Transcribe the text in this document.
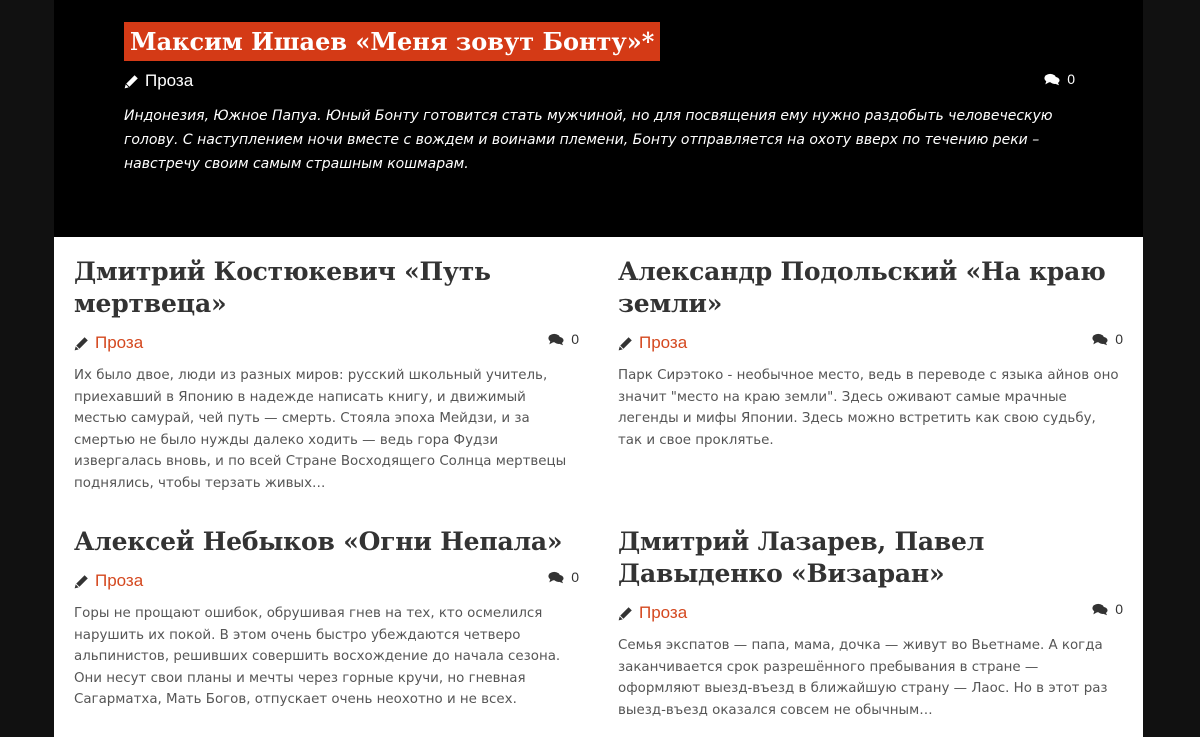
Максим Ишаев «Меня зовут Бонту»*
Проза	0
Индонезия, Южное Папуа. Юный Бонту готовится стать мужчиной, но для посвящения ему нужно раздобыть человеческую голову. С наступлением ночи вместе с вождем и воинами племени, Бонту отправляется на охоту вверх по течению реки – навстречу своим самым страшным кошмарам.
Дмитрий Костюкевич «Путь мертвеца»
Проза	0
Их было двое, люди из разных миров: русский школьный учитель, приехавший в Японию в надежде написать книгу, и движимый местью самурай, чей путь — смерть. Стояла эпоха Мейдзи, и за смертью не было нужды далеко ходить — ведь гора Фудзи извергалась вновь, и по всей Стране Восходящего Солнца мертвецы поднялись, чтобы терзать живых…
Александр Подольский «На краю земли»
Проза	0
Парк Сирэтоко - необычное место, ведь в переводе с языка айнов оно значит "место на краю земли". Здесь оживают самые мрачные легенды и мифы Японии. Здесь можно встретить как свою судьбу, так и свое проклятье.
Алексей Небыков «Огни Непала»
Проза	0
Горы не прощают ошибок, обрушивая гнев на тех, кто осмелился нарушить их покой. В этом очень быстро убеждаются четверо альпинистов, решивших совершить восхождение до начала сезона. Они несут свои планы и мечты через горные кручи, но гневная Сагарматха, Мать Богов, отпускает очень неохотно и не всех.
Дмитрий Лазарев, Павел Давыденко «Визаран»
Проза	0
Семья экспатов — папа, мама, дочка — живут во Вьетнаме. А когда заканчивается срок разрешённого пребывания в стране — оформляют выезд-въезд в ближайшую страну — Лаос. Но в этот раз выезд-въезд оказался совсем не обычным…
